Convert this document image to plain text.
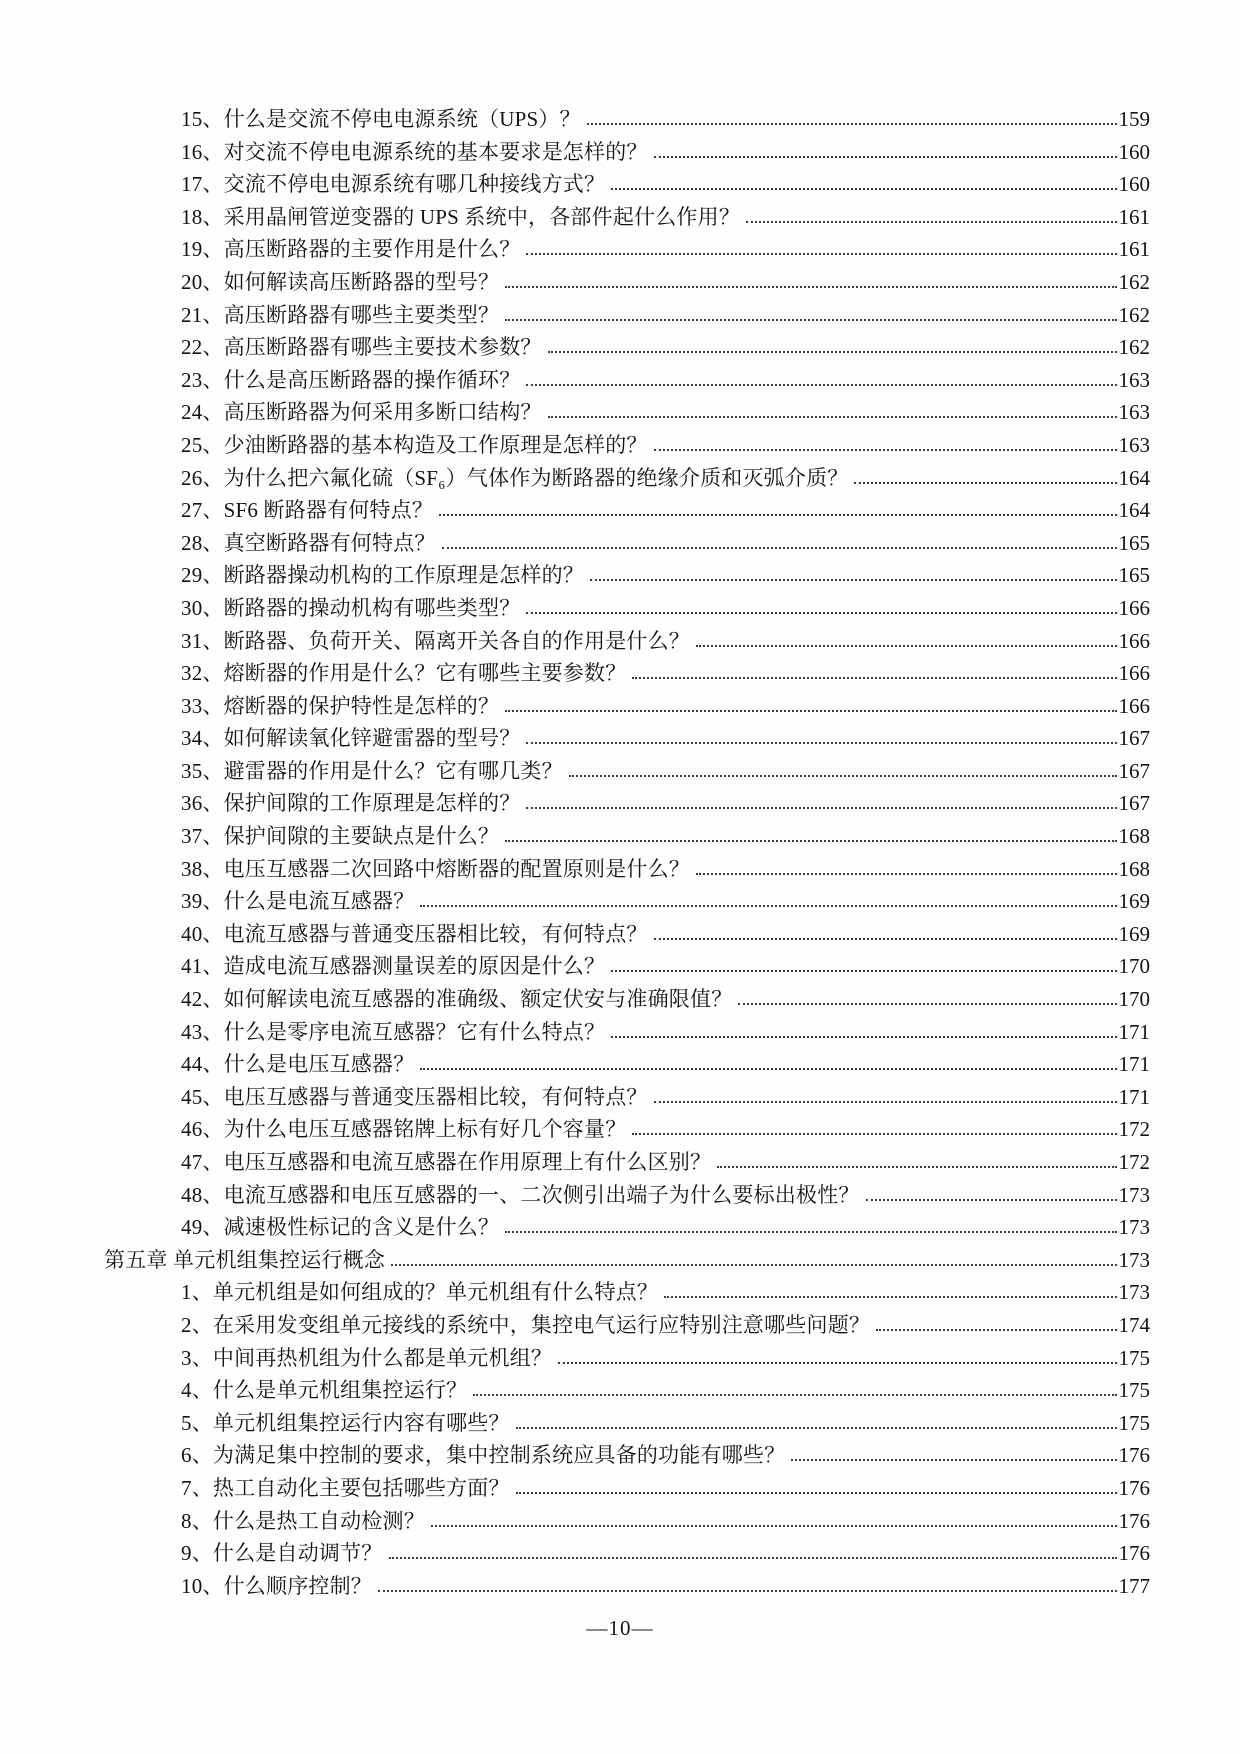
15、什么是交流不停电电源系统（UPS）？	159
16、对交流不停电电源系统的基本要求是怎样的？	160
17、交流不停电电源系统有哪几种接线方式？	160
18、采用晶闸管逆变器的 UPS 系统中，各部件起什么作用？	161
19、高压断路器的主要作用是什么？	161
20、如何解读高压断路器的型号？	162
21、高压断路器有哪些主要类型？	162
22、高压断路器有哪些主要技术参数？	162
23、什么是高压断路器的操作循环？	163
24、高压断路器为何采用多断口结构？	163
25、少油断路器的基本构造及工作原理是怎样的？	163
26、为什么把六氟化硫（SF₆）气体作为断路器的绝缘介质和灭弧介质？	164
27、SF6 断路器有何特点？	164
28、真空断路器有何特点？	165
29、断路器操动机构的工作原理是怎样的？	165
30、断路器的操动机构有哪些类型？	166
31、断路器、负荷开关、隔离开关各自的作用是什么？	166
32、熔断器的作用是什么？它有哪些主要参数？	166
33、熔断器的保护特性是怎样的？	166
34、如何解读氧化锌避雷器的型号？	167
35、避雷器的作用是什么？它有哪几类？	167
36、保护间隙的工作原理是怎样的？	167
37、保护间隙的主要缺点是什么？	168
38、电压互感器二次回路中熔断器的配置原则是什么？	168
39、什么是电流互感器？	169
40、电流互感器与普通变压器相比较，有何特点？	169
41、造成电流互感器测量误差的原因是什么？	170
42、如何解读电流互感器的准确级、额定伏安与准确限值？	170
43、什么是零序电流互感器？它有什么特点？	171
44、什么是电压互感器？	171
45、电压互感器与普通变压器相比较，有何特点？	171
46、为什么电压互感器铭牌上标有好几个容量？	172
47、电压互感器和电流互感器在作用原理上有什么区别？	172
48、电流互感器和电压互感器的一、二次侧引出端子为什么要标出极性？	173
49、减速极性标记的含义是什么？	173
第五章 单元机组集控运行概念	173
1、单元机组是如何组成的？单元机组有什么特点？	173
2、在采用发变组单元接线的系统中，集控电气运行应特别注意哪些问题？	174
3、中间再热机组为什么都是单元机组？	175
4、什么是单元机组集控运行？	175
5、单元机组集控运行内容有哪些？	175
6、为满足集中控制的要求，集中控制系统应具备的功能有哪些？	176
7、热工自动化主要包括哪些方面？	176
8、什么是热工自动检测？	176
9、什么是自动调节？	176
10、什么顺序控制？	177
—10—
